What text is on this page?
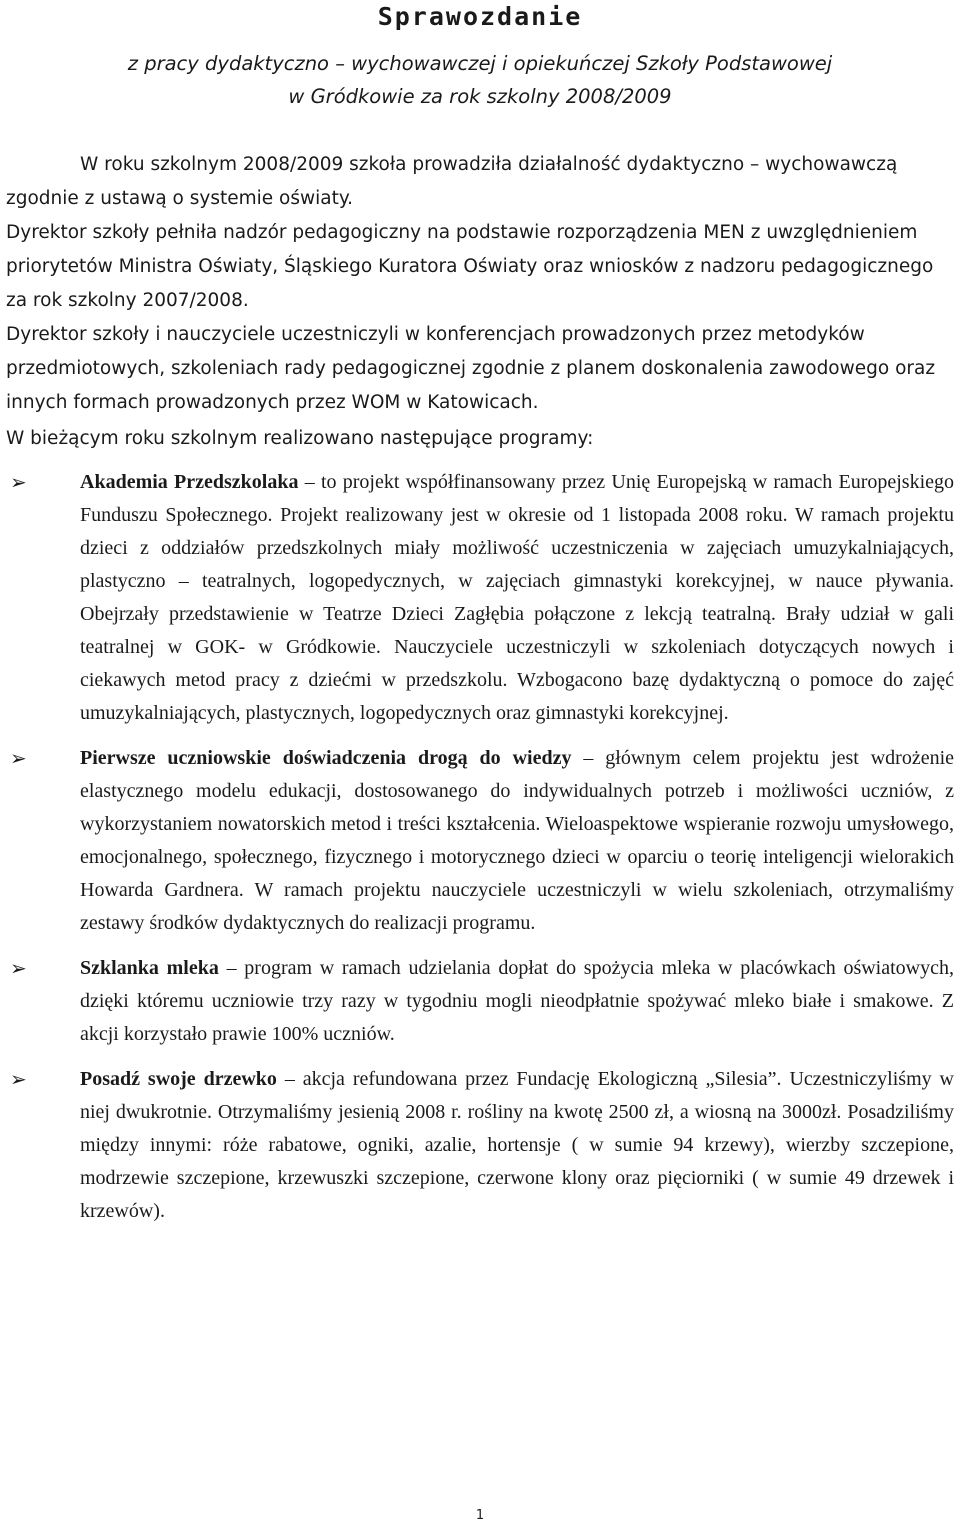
Sprawozdanie

z pracy dydaktyczno – wychowawczej i opiekuńczej Szkoły Podstawowej
w Gródkowie za rok szkolny 2008/2009

W roku szkolnym 2008/2009 szkoła prowadziła działalność dydaktyczno – wychowawczą zgodnie z ustawą o systemie oświaty.

Dyrektor szkoły pełniła nadzór pedagogiczny na podstawie rozporządzenia MEN z uwzględnieniem priorytetów Ministra Oświaty, Śląskiego Kuratora Oświaty oraz wniosków z nadzoru pedagogicznego za rok szkolny 2007/2008.

Dyrektor szkoły i nauczyciele uczestniczyli w konferencjach prowadzonych przez metodyków przedmiotowych, szkoleniach rady pedagogicznej zgodnie z planem doskonalenia zawodowego oraz innych formach prowadzonych przez WOM w Katowicach.

W bieżącym roku szkolnym realizowano następujące programy:

➢	Akademia Przedszkolaka – to projekt współfinansowany przez Unię Europejską w ramach Europejskiego Funduszu Społecznego. Projekt realizowany jest w okresie od 1 listopada 2008 roku. W ramach projektu dzieci z oddziałów przedszkolnych miały możliwość uczestniczenia w zajęciach umuzykalniających, plastyczno – teatralnych, logopedycznych, w zajęciach gimnastyki korekcyjnej, w nauce pływania. Obejrzały przedstawienie w Teatrze Dzieci Zagłębia połączone z lekcją teatralną. Brały udział w gali teatralnej w GOK- w Gródkowie. Nauczyciele uczestniczyli w szkoleniach dotyczących nowych i ciekawych metod pracy z dziećmi w przedszkolu. Wzbogacono bazę dydaktyczną o pomoce do zajęć umuzykalniających, plastycznych, logopedycznych oraz gimnastyki korekcyjnej.
➢	Pierwsze uczniowskie doświadczenia drogą do wiedzy – głównym celem projektu jest wdrożenie elastycznego modelu edukacji, dostosowanego do indywidualnych potrzeb i możliwości uczniów, z wykorzystaniem nowatorskich metod i treści kształcenia. Wieloaspektowe wspieranie rozwoju umysłowego, emocjonalnego, społecznego, fizycznego i motorycznego dzieci w oparciu o teorię inteligencji wielorakich Howarda Gardnera. W ramach projektu nauczyciele uczestniczyli w wielu szkoleniach, otrzymaliśmy zestawy środków dydaktycznych do realizacji programu.
➢	Szklanka mleka – program w ramach udzielania dopłat do spożycia mleka w placówkach oświatowych, dzięki któremu uczniowie trzy razy w tygodniu mogli nieodpłatnie spożywać mleko białe i smakowe. Z akcji korzystało prawie 100% uczniów.
➢	Posadź swoje drzewko – akcja refundowana przez Fundację Ekologiczną „Silesia”. Uczestniczyliśmy w niej dwukrotnie. Otrzymaliśmy jesienią 2008 r. rośliny na kwotę 2500 zł, a wiosną na 3000zł. Posadziliśmy między innymi: róże rabatowe, ogniki, azalie, hortensje ( w sumie 94 krzewy), wierzby szczepione, modrzewie szczepione, krzewuszki szczepione, czerwone klony oraz pięciorniki ( w sumie 49 drzewek i krzewów).
1
